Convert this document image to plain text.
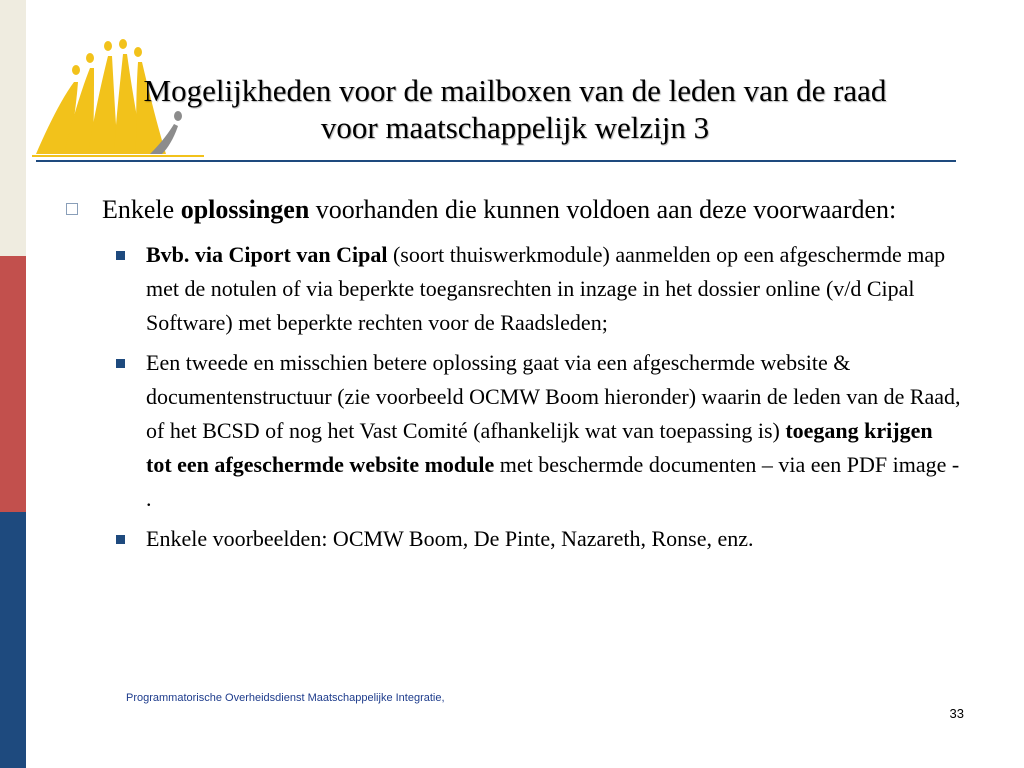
Mogelijkheden voor de mailboxen van de leden van de raad
voor maatschappelijk welzijn 3
Enkele oplossingen voorhanden die kunnen voldoen aan deze voorwaarden:
Bvb. via Ciport van Cipal (soort thuiswerkmodule) aanmelden op een afgeschermde map met de notulen of via beperkte toegansrechten in inzage in het dossier online (v/d Cipal Software) met beperkte rechten voor de Raadsleden;
Een tweede en misschien betere oplossing gaat via een afgeschermde website & documentenstructuur (zie voorbeeld OCMW Boom hieronder) waarin de leden van de Raad, of het BCSD of nog het Vast Comité (afhankelijk wat van toepassing is) toegang krijgen tot een afgeschermde website module met beschermde documenten – via een PDF image - .
Enkele voorbeelden: OCMW Boom, De Pinte, Nazareth, Ronse, enz.
Programmatorische Overheidsdienst Maatschappelijke Integratie,
33
